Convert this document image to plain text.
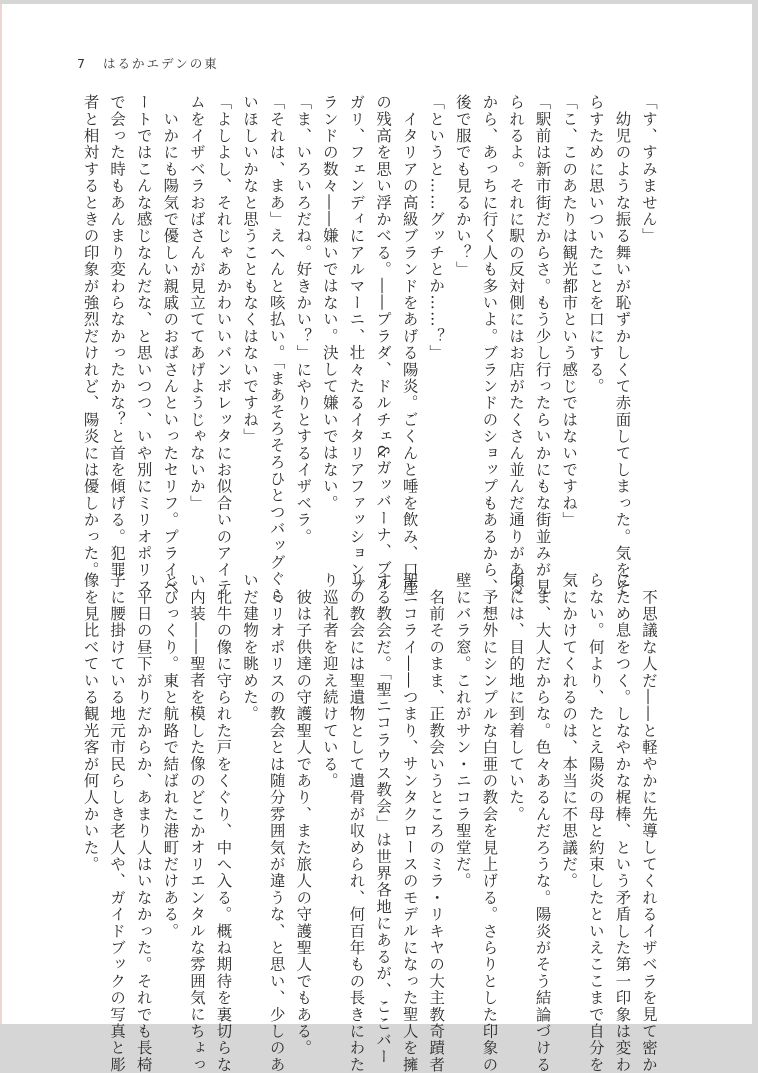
7 はるかエデンの東

「す、すみません」

　幼児のような振る舞いが恥ずかしくて赤面してしまった。気をそ

らすために思いついたことを口にする。

「こ、このあたりは観光都市という感じではないですね」

「駅前は新市街だからさ。もう少し行ったらいかにもな街並みが見

られるよ。それに駅の反対側にはお店がたくさん並んだ通りがある

から、あっちに行く人も多いよ。ブランドのショップもあるから、

後で服でも見るかい？」

「というと……グッチとか……？」

　イタリアの高級ブランドをあげる陽炎。ごくんと唾を飲み、口座

の残高を思い浮かべる。――プラダ、ドルチェ&ガッバーナ、ブル

ガリ、フェンディにアルマーニ、壮々たるイタリアファッションブ

ランドの数々――嫌いではない。決して嫌いではない。

「ま、いろいろだね。好きかい？」にやりとするイザベラ。

「それは、まあ」えへんと咳払い。「まあそろそろひとつバッグぐら

いほしいかなと思うこともなくはないですね」

「よしよし、それじゃあかわいいバンボレッタにお似合いのアイテ

ムをイザベラおばさんが見立ててあげようじゃないか」

　いかにも陽気で優しい親戚のおばさんといったセリフ。プライベ

ートではこんな感じなんだな、と思いつつ、いや別にミリオポリス

で会った時もあんまり変わらなかったかな？と首を傾げる。犯罪

者と相対するときの印象が強烈だけれど、陽炎には優しかった。

　不思議な人だ――と軽やかに先導してくれるイザベラを見て密か

にため息をつく。しなやかな梶棒、という矛盾した第一印象は変わ

らない。何より、たとえ陽炎の母と約束したといえここまで自分を

気にかけてくれるのは、本当に不思議だ。

　ま、大人だからな。色々あるんだろうな。陽炎がそう結論づける

頃には、目的地に到着していた。

　予想外にシンプルな白亜の教会を見上げる。さらりとした印象の

壁にバラ窓。これがサン・ニコラ聖堂だ。

　名前そのまま、正教会いうところのミラ・リキヤの大主教奇蹟者

聖ニコライ――つまり、サンタクロースのモデルになった聖人を擁

する教会だ。「聖ニコラウス教会」は世界各地にあるが、ここバー

リの教会には聖遺物として遺骨が収められ、何百年もの長きにわた

り巡礼者を迎え続けている。

　彼は子供達の守護聖人であり、また旅人の守護聖人でもある。

　ミリオポリスの教会とは随分雰囲気が違うな、と思い、少しのあ

いだ建物を眺めた。

　牝牛の像に守られた戸をくぐり、中へ入る。概ね期待を裏切らな

い内装――聖者を模した像のどこかオリエンタルな雰囲気にちょっ

とびっくり。東と航路で結ばれた港町だけある。

　平日の昼下がりだからか、あまり人はいなかった。それでも長椅

子に腰掛けている地元市民らしき老人や、ガイドブックの写真と彫

像を見比べている観光客が何人かいた。
